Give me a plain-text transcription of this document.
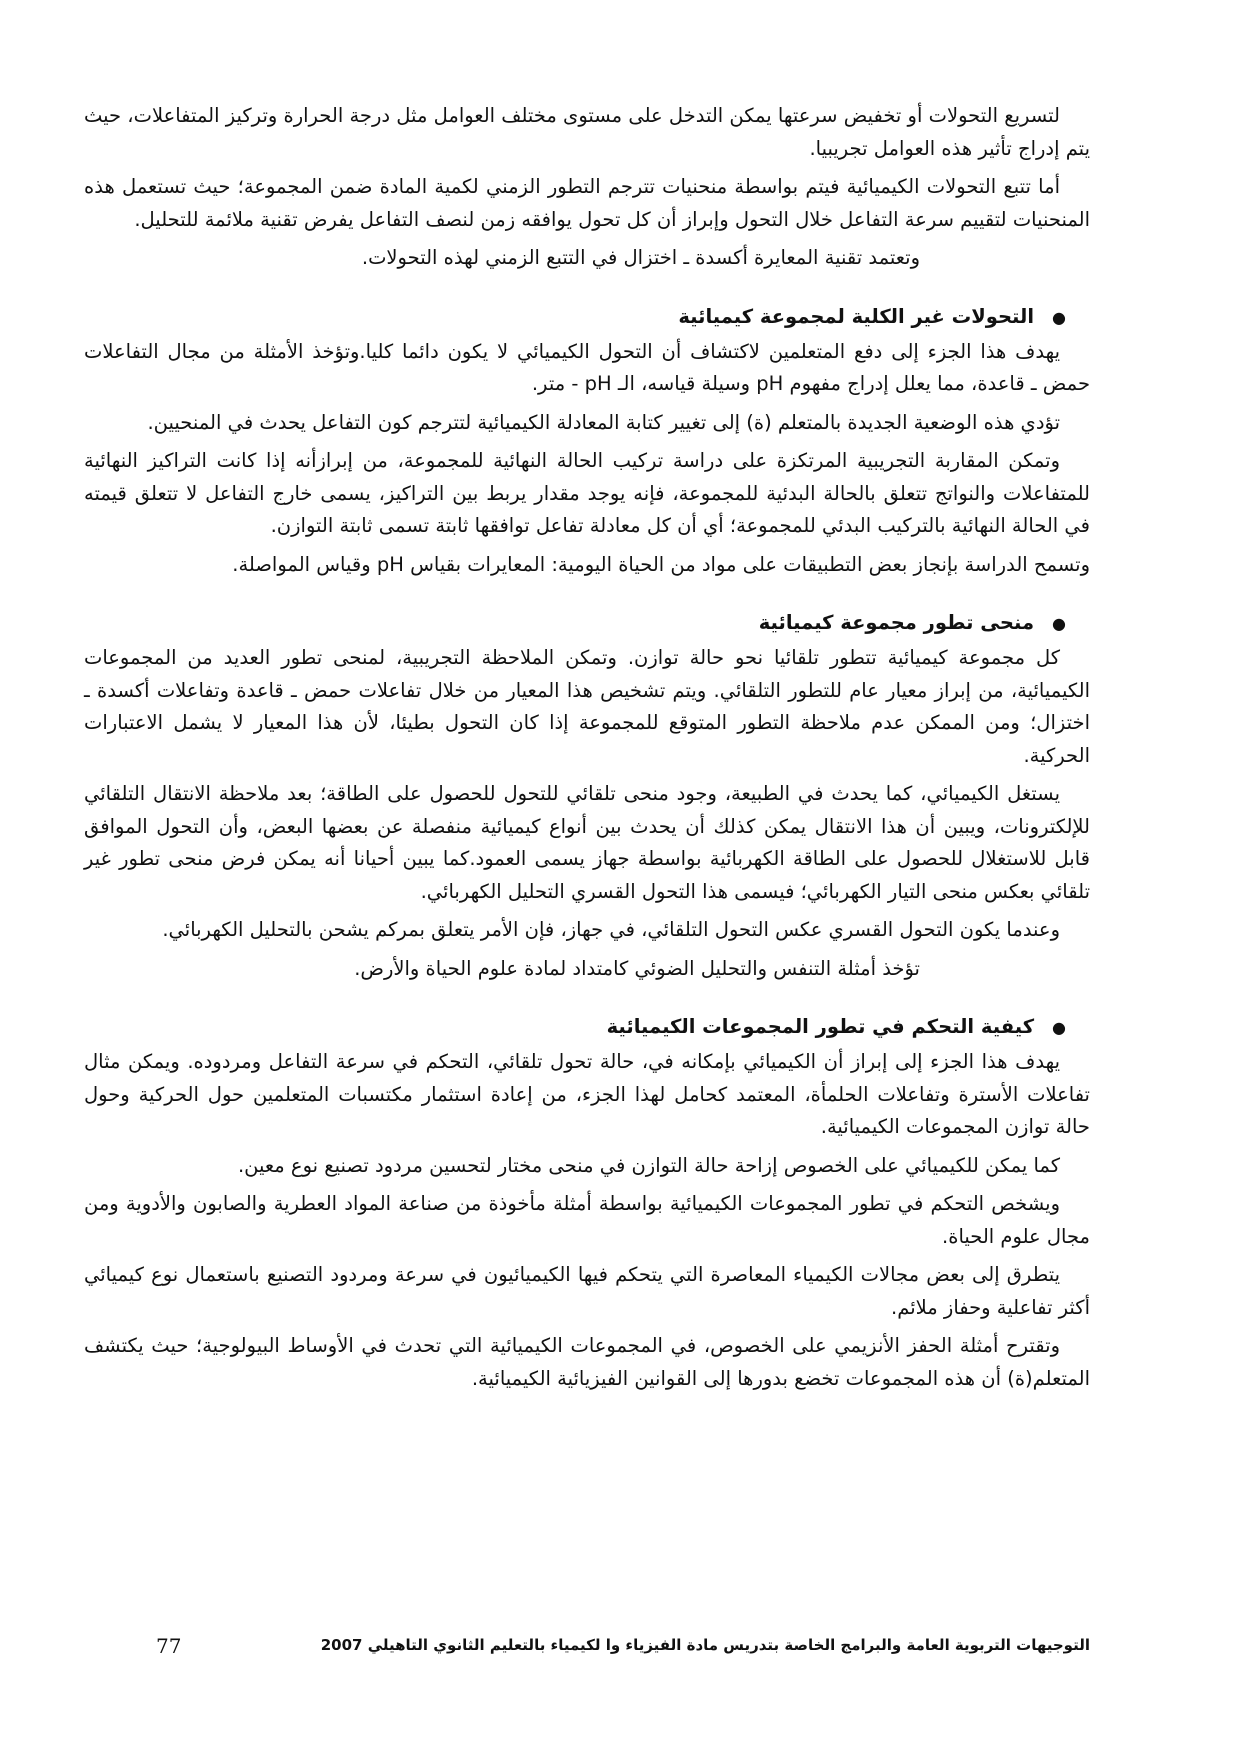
لتسريع التحولات أو تخفيض سرعتها يمكن التدخل على مستوى مختلف العوامل مثل درجة الحرارة وتركيز المتفاعلات، حيث يتم إدراج تأثير هذه العوامل تجريبيا.

أما تتبع التحولات الكيميائية فيتم بواسطة منحنيات تترجم التطور الزمني لكمية المادة ضمن المجموعة؛ حيث تستعمل هذه المنحنيات لتقييم سرعة التفاعل خلال التحول وإبراز أن كل تحول يوافقه زمن لنصف التفاعل يفرض تقنية ملائمة للتحليل.

وتعتمد تقنية المعايرة أكسدة ـ اختزال في التتبع الزمني لهذه التحولات.

●التحولات غير الكلية لمجموعة كيميائية

يهدف هذا الجزء إلى دفع المتعلمين لاكتشاف أن التحول الكيميائي لا يكون دائما كليا.وتؤخذ الأمثلة من مجال التفاعلات حمض ـ قاعدة، مما يعلل إدراج مفهوم pH وسيلة قياسه، الـ pH - متر.

تؤدي هذه الوضعية الجديدة بالمتعلم (ة) إلى تغيير كتابة المعادلة الكيميائية لتترجم كون التفاعل يحدث في المنحيين.

وتمكن المقاربة التجريبية المرتكزة على دراسة تركيب الحالة النهائية للمجموعة، من إبرازأنه إذا كانت التراكيز النهائية للمتفاعلات والنواتج تتعلق بالحالة البدئية للمجموعة، فإنه يوجد مقدار يربط بين التراكيز، يسمى خارج التفاعل لا تتعلق قيمته في الحالة النهائية بالتركيب البدئي للمجموعة؛ أي أن كل معادلة تفاعل توافقها ثابتة تسمى ثابتة التوازن.

وتسمح الدراسة بإنجاز بعض التطبيقات على مواد من الحياة اليومية: المعايرات بقياس pH وقياس المواصلة.

●منحى تطور مجموعة كيميائية

كل مجموعة كيميائية تتطور تلقائيا نحو حالة توازن. وتمكن الملاحظة التجريبية، لمنحى تطور العديد من المجموعات الكيميائية، من إبراز معيار عام للتطور التلقائي. ويتم تشخيص هذا المعيار من خلال تفاعلات حمض ـ قاعدة وتفاعلات أكسدة ـ اختزال؛ ومن الممكن عدم ملاحظة التطور المتوقع للمجموعة إذا كان التحول بطيئا، لأن هذا المعيار لا يشمل الاعتبارات الحركية.

يستغل الكيميائي، كما يحدث في الطبيعة، وجود منحى تلقائي للتحول للحصول على الطاقة؛ بعد ملاحظة الانتقال التلقائي للإلكترونات، ويبين أن هذا الانتقال يمكن كذلك أن يحدث بين أنواع كيميائية منفصلة عن بعضها البعض، وأن التحول الموافق قابل للاستغلال للحصول على الطاقة الكهربائية بواسطة جهاز يسمى العمود.كما يبين أحيانا أنه يمكن فرض منحى تطور غير تلقائي بعكس منحى التيار الكهربائي؛ فيسمى هذا التحول القسري التحليل الكهربائي.

وعندما يكون التحول القسري عكس التحول التلقائي، في جهاز، فإن الأمر يتعلق بمركم يشحن بالتحليل الكهربائي.

تؤخذ أمثلة التنفس والتحليل الضوئي كامتداد لمادة علوم الحياة والأرض.

●كيفية التحكم في تطور المجموعات الكيميائية

يهدف هذا الجزء إلى إبراز أن الكيميائي بإمكانه في، حالة تحول تلقائي، التحكم في سرعة التفاعل ومردوده. ويمكن مثال تفاعلات الأسترة وتفاعلات الحلمأة، المعتمد كحامل لهذا الجزء، من إعادة استثمار مكتسبات المتعلمين حول الحركية وحول حالة توازن المجموعات الكيميائية.

كما يمكن للكيميائي على الخصوص إزاحة حالة التوازن في منحى مختار لتحسين مردود تصنيع نوع معين.

ويشخص التحكم في تطور المجموعات الكيميائية بواسطة أمثلة مأخوذة من صناعة المواد العطرية والصابون والأدوية ومن مجال علوم الحياة.

يتطرق إلى بعض مجالات الكيمياء المعاصرة التي يتحكم فيها الكيميائيون في سرعة ومردود التصنيع باستعمال نوع كيميائي أكثر تفاعلية وحفاز ملائم.

وتقترح أمثلة الحفز الأنزيمي على الخصوص، في المجموعات الكيميائية التي تحدث في الأوساط البيولوجية؛ حيث يكتشف المتعلم(ة) أن هذه المجموعات تخضع بدورها إلى القوانين الفيزيائية الكيميائية.

التوجيهات التربوية العامة والبرامج الخاصة بتدريس مادة الفيزياء وا لكيمياء بالتعليم الثانوي التاهيلي 2007
77
